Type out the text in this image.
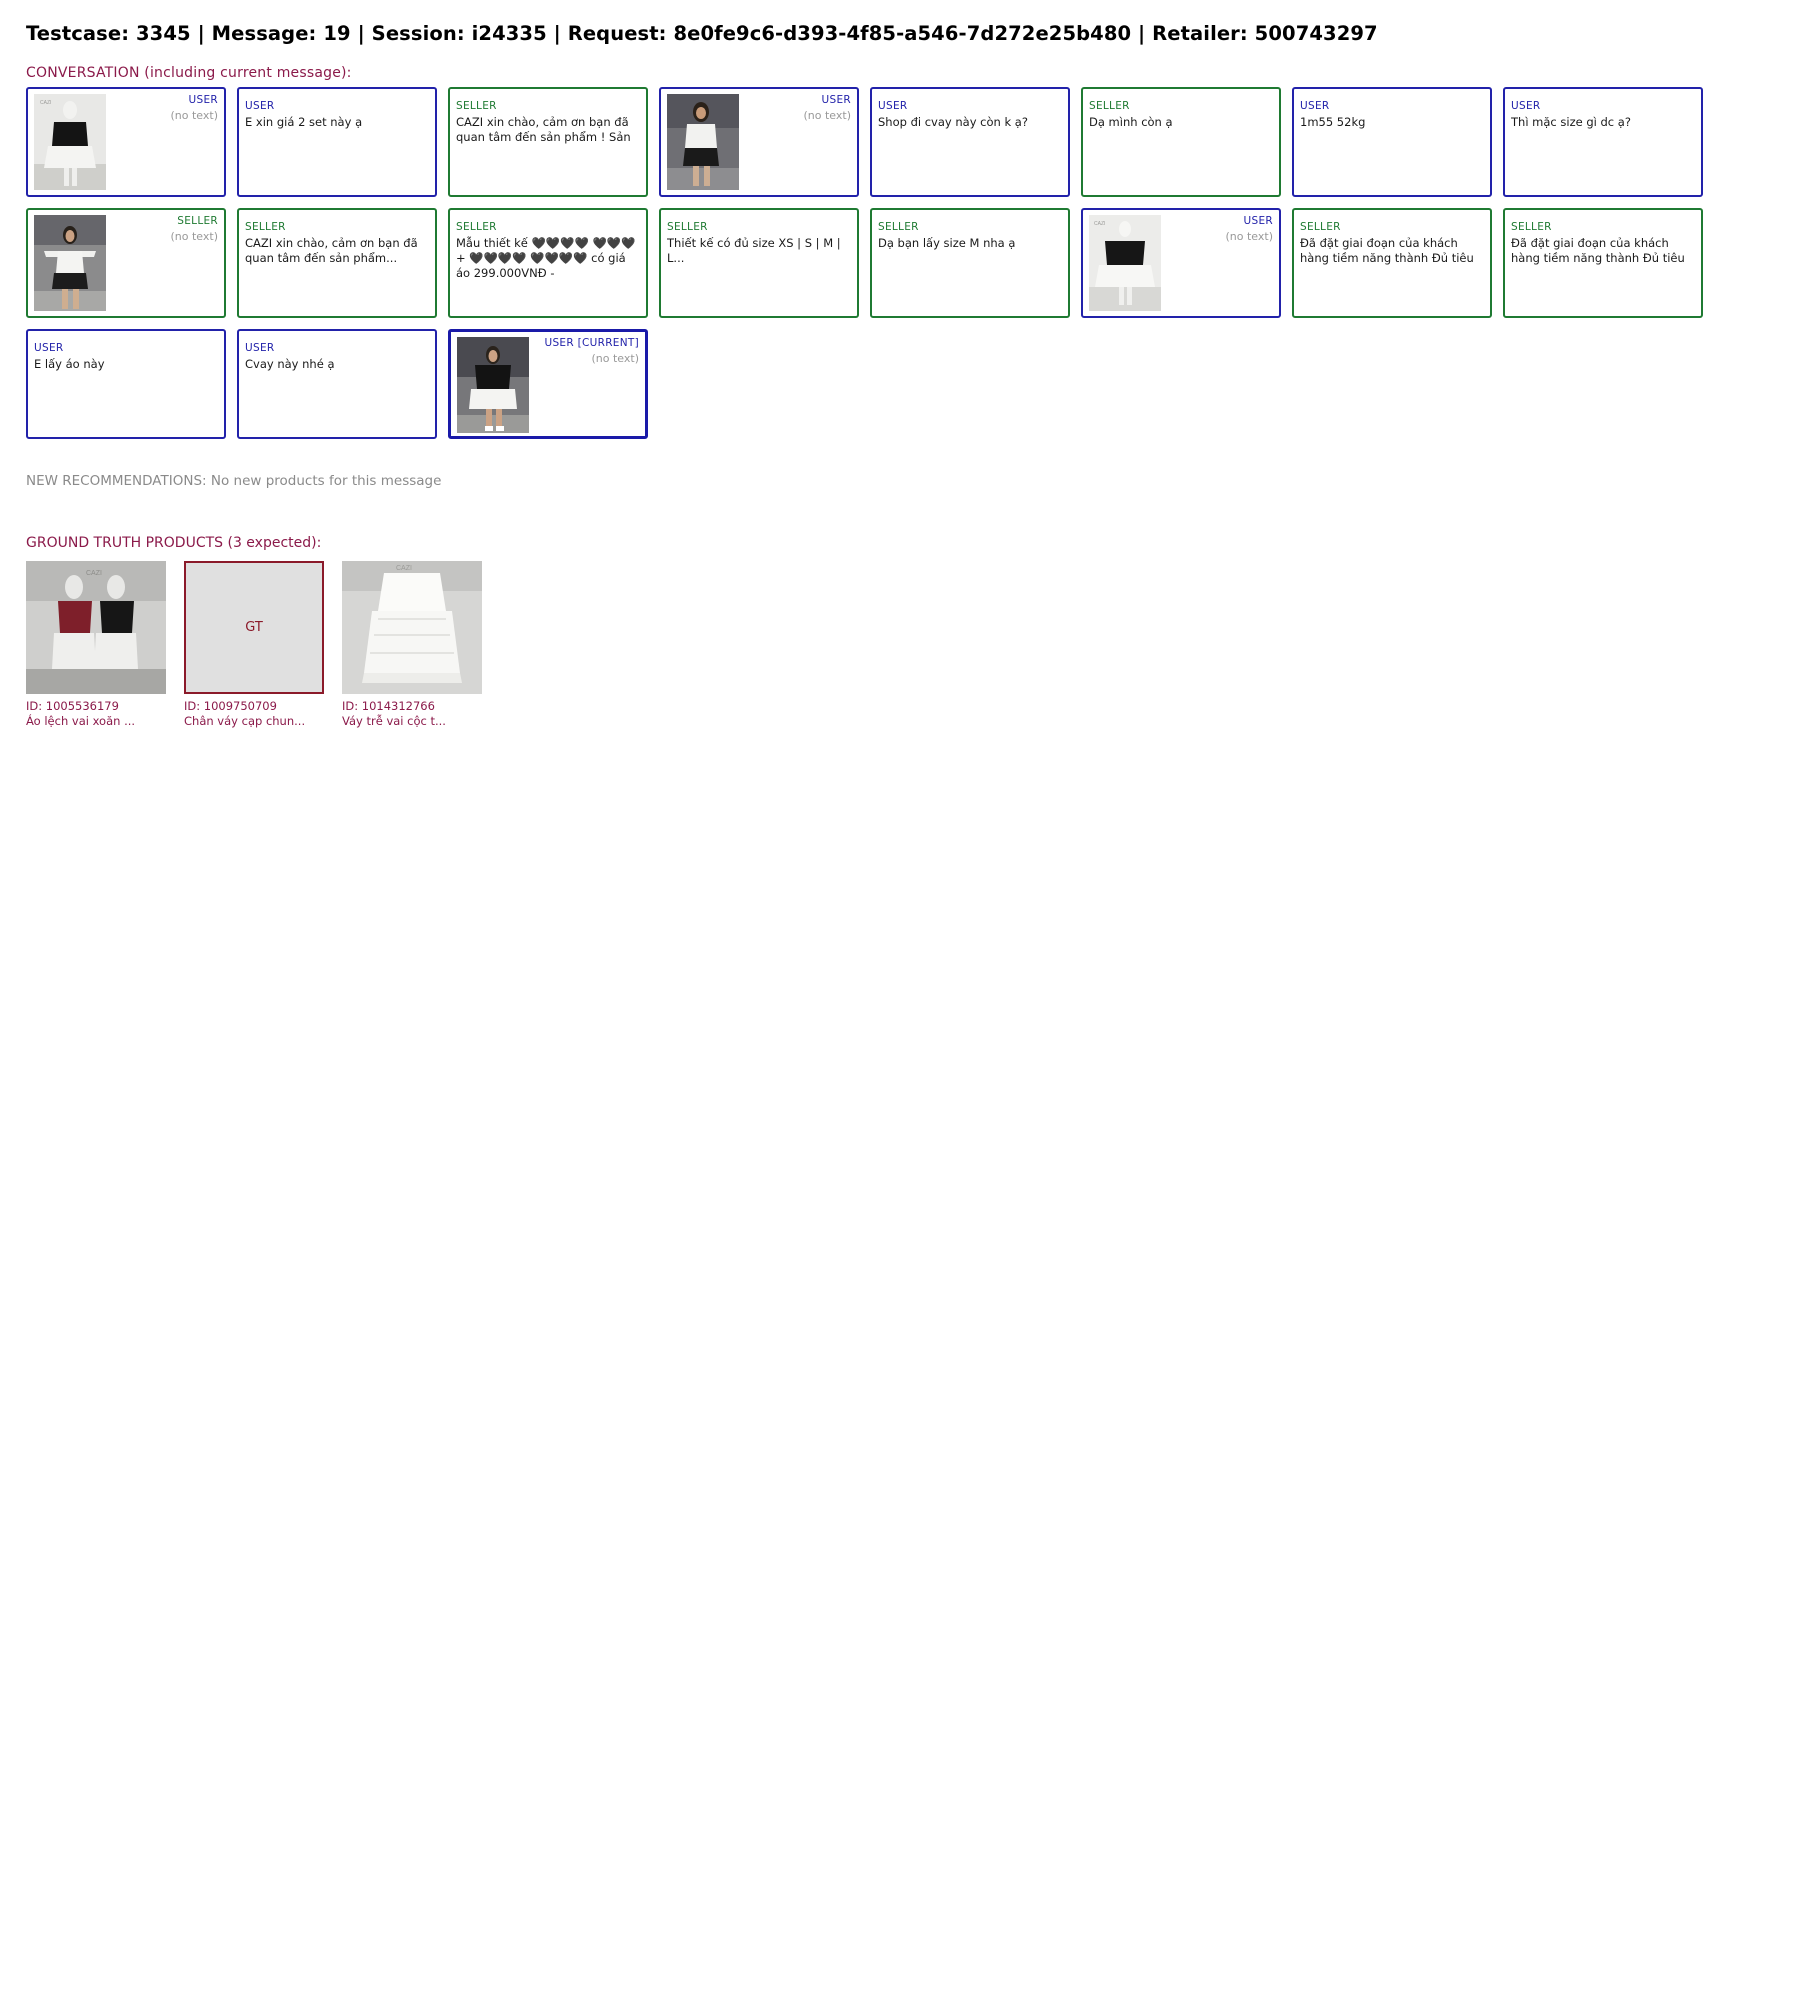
Testcase: 3345 | Message: 19 | Session: i24335 | Request: 8e0fe9c6-d393-4f85-a546-7d272e25b480 | Retailer: 500743297
CONVERSATION (including current message):
CAZI	USER
(no text)
USER
E xin giá 2 set này ạ
SELLER
CAZI xin chào, cảm ơn bạn đã quan tâm đến sản phẩm ! Sản
USER
(no text)
USER
Shop đi cvay này còn k ạ?
SELLER
Dạ mình còn ạ
USER
1m55 52kg
USER
Thì mặc size gì dc ạ?
SELLER
(no text)
SELLER
CAZI xin chào, cảm ơn bạn đã quan tâm đến sản phẩm...
SELLER
Mẫu thiết kế 🖤🖤🖤🖤 🖤🖤🖤 + 🖤🖤🖤🖤 🖤🖤🖤🖤 có giá áo 299.000VNĐ -
SELLER
Thiết kế có đủ size XS | S | M | L...
SELLER
Dạ bạn lấy size M nha ạ
CAZI	USER
(no text)
SELLER
Đã đặt giai đoạn của khách hàng tiềm năng thành Đủ tiêu
SELLER
Đã đặt giai đoạn của khách hàng tiềm năng thành Đủ tiêu
USER
E lấy áo này
USER
Cvay này nhé ạ
USER [CURRENT]
(no text)
NEW RECOMMENDATIONS: No new products for this message
GROUND TRUTH PRODUCTS (3 expected):
CAZI
ID: 1005536179
Áo lệch vai xoăn ...
GT
ID: 1009750709
Chân váy cạp chun...
CAZI
ID: 1014312766
Váy trễ vai cộc t...
